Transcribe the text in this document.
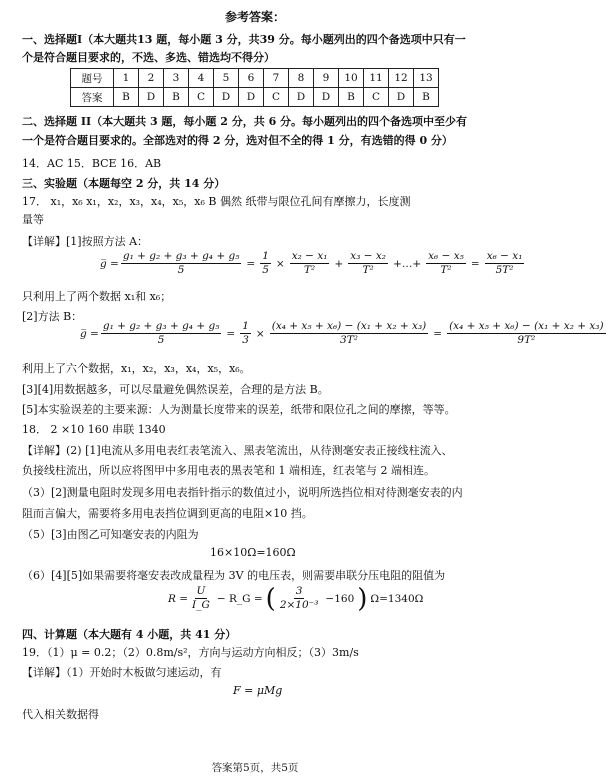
参考答案：
一、选择题Ⅰ（本大题共13 题，每小题 3 分，共39 分。每小题列出的四个备选项中只有一
个是符合题目要求的，不选、多选、错选均不得分）
题号	1	2	3	4	5	6	7	8	9	10	11	12	13
答案	B	D	B	C	D	D	C	D	D	B	C	D	B
二、选择题 II（本大题共 3 题，每小题 2 分，共 6 分。每小题列出的四个备选项中至少有
一个是符合题目要求的。全部选对的得 2 分，选对但不全的得 1 分，有选错的得 0 分）
14．AC 15．BCE 16．AB
三、实验题（本题每空 2 分，共 14 分）
17． x₁，x₆ x₁，x₂，x₃，x₄，x₅，x₆ B 偶然 纸带与限位孔间有摩擦力，长度测
量等
【详解】[1]按照方法 A：
g̅ = $\frac{\text{g₁ + g₂ + g₃ + g₄ + g₅}}{5} = \frac{1}{5} \times \frac{\text{x₂ − x₁}}{\text{T²}} + \frac{\text{x₃ − x₂}}{\text{T²}}$ +…+ $\frac{\text{x₆ − x₅}}{\text{T²}} = \frac{\text{x₆ − x₁}}{\text{5T²}}$
只利用上了两个数据 x₁和 x₆；
[2]方法 B：
g̅ = $\frac{\text{g₁ + g₂ + g₃ + g₄ + g₅}}{5} = \frac{1}{3} \times \frac{\text{(x₄ + x₅ + x₆) − (x₁ + x₂ + x₃)}}{\text{3T²}} = \frac{\text{(x₄ + x₅ + x₆) − (x₁ + x₂ + x₃)}}{\text{9T²}}$
利用上了六个数据，x₁，x₂，x₃，x₄，x₅，x₆。
[3][4]用数据越多，可以尽量避免偶然误差，合理的是方法 B。
[5]本实验误差的主要来源：人为测量长度带来的误差，纸带和限位孔之间的摩擦，等等。
18． 2 ×10 160 串联 1340
【详解】(2) [1]电流从多用电表红表笔流入、黑表笔流出，从待测毫安表正接线柱流入、
负接线柱流出，所以应将图甲中多用电表的黑表笔和 1 端相连，红表笔与 2 端相连。
（3）[2]测量电阻时发现多用电表指针指示的数值过小，说明所选挡位相对待测毫安表的内
阻而言偏大，需要将多用电表挡位调到更高的电阻×10 挡。
（5）[3]由图乙可知毫安表的内阻为
16×10Ω=160Ω
（6）[4][5]如果需要将毫安表改成量程为 3V 的电压表，则需要串联分压电阻的阻值为
$R = \frac{U}{I\_G}$ − R_G = ( $\frac{3}{\text{2×10⁻³}} -160$ ) Ω=1340Ω
四、计算题（本大题有 4 小题，共 41 分）
19．（1）μ = 0.2；（2）0.8m/s²，方向与运动方向相反；（3）3m/s
【详解】（1）开始时木板做匀速运动，有
F = μMg
代入相关数据得
答案第5页，共5页
